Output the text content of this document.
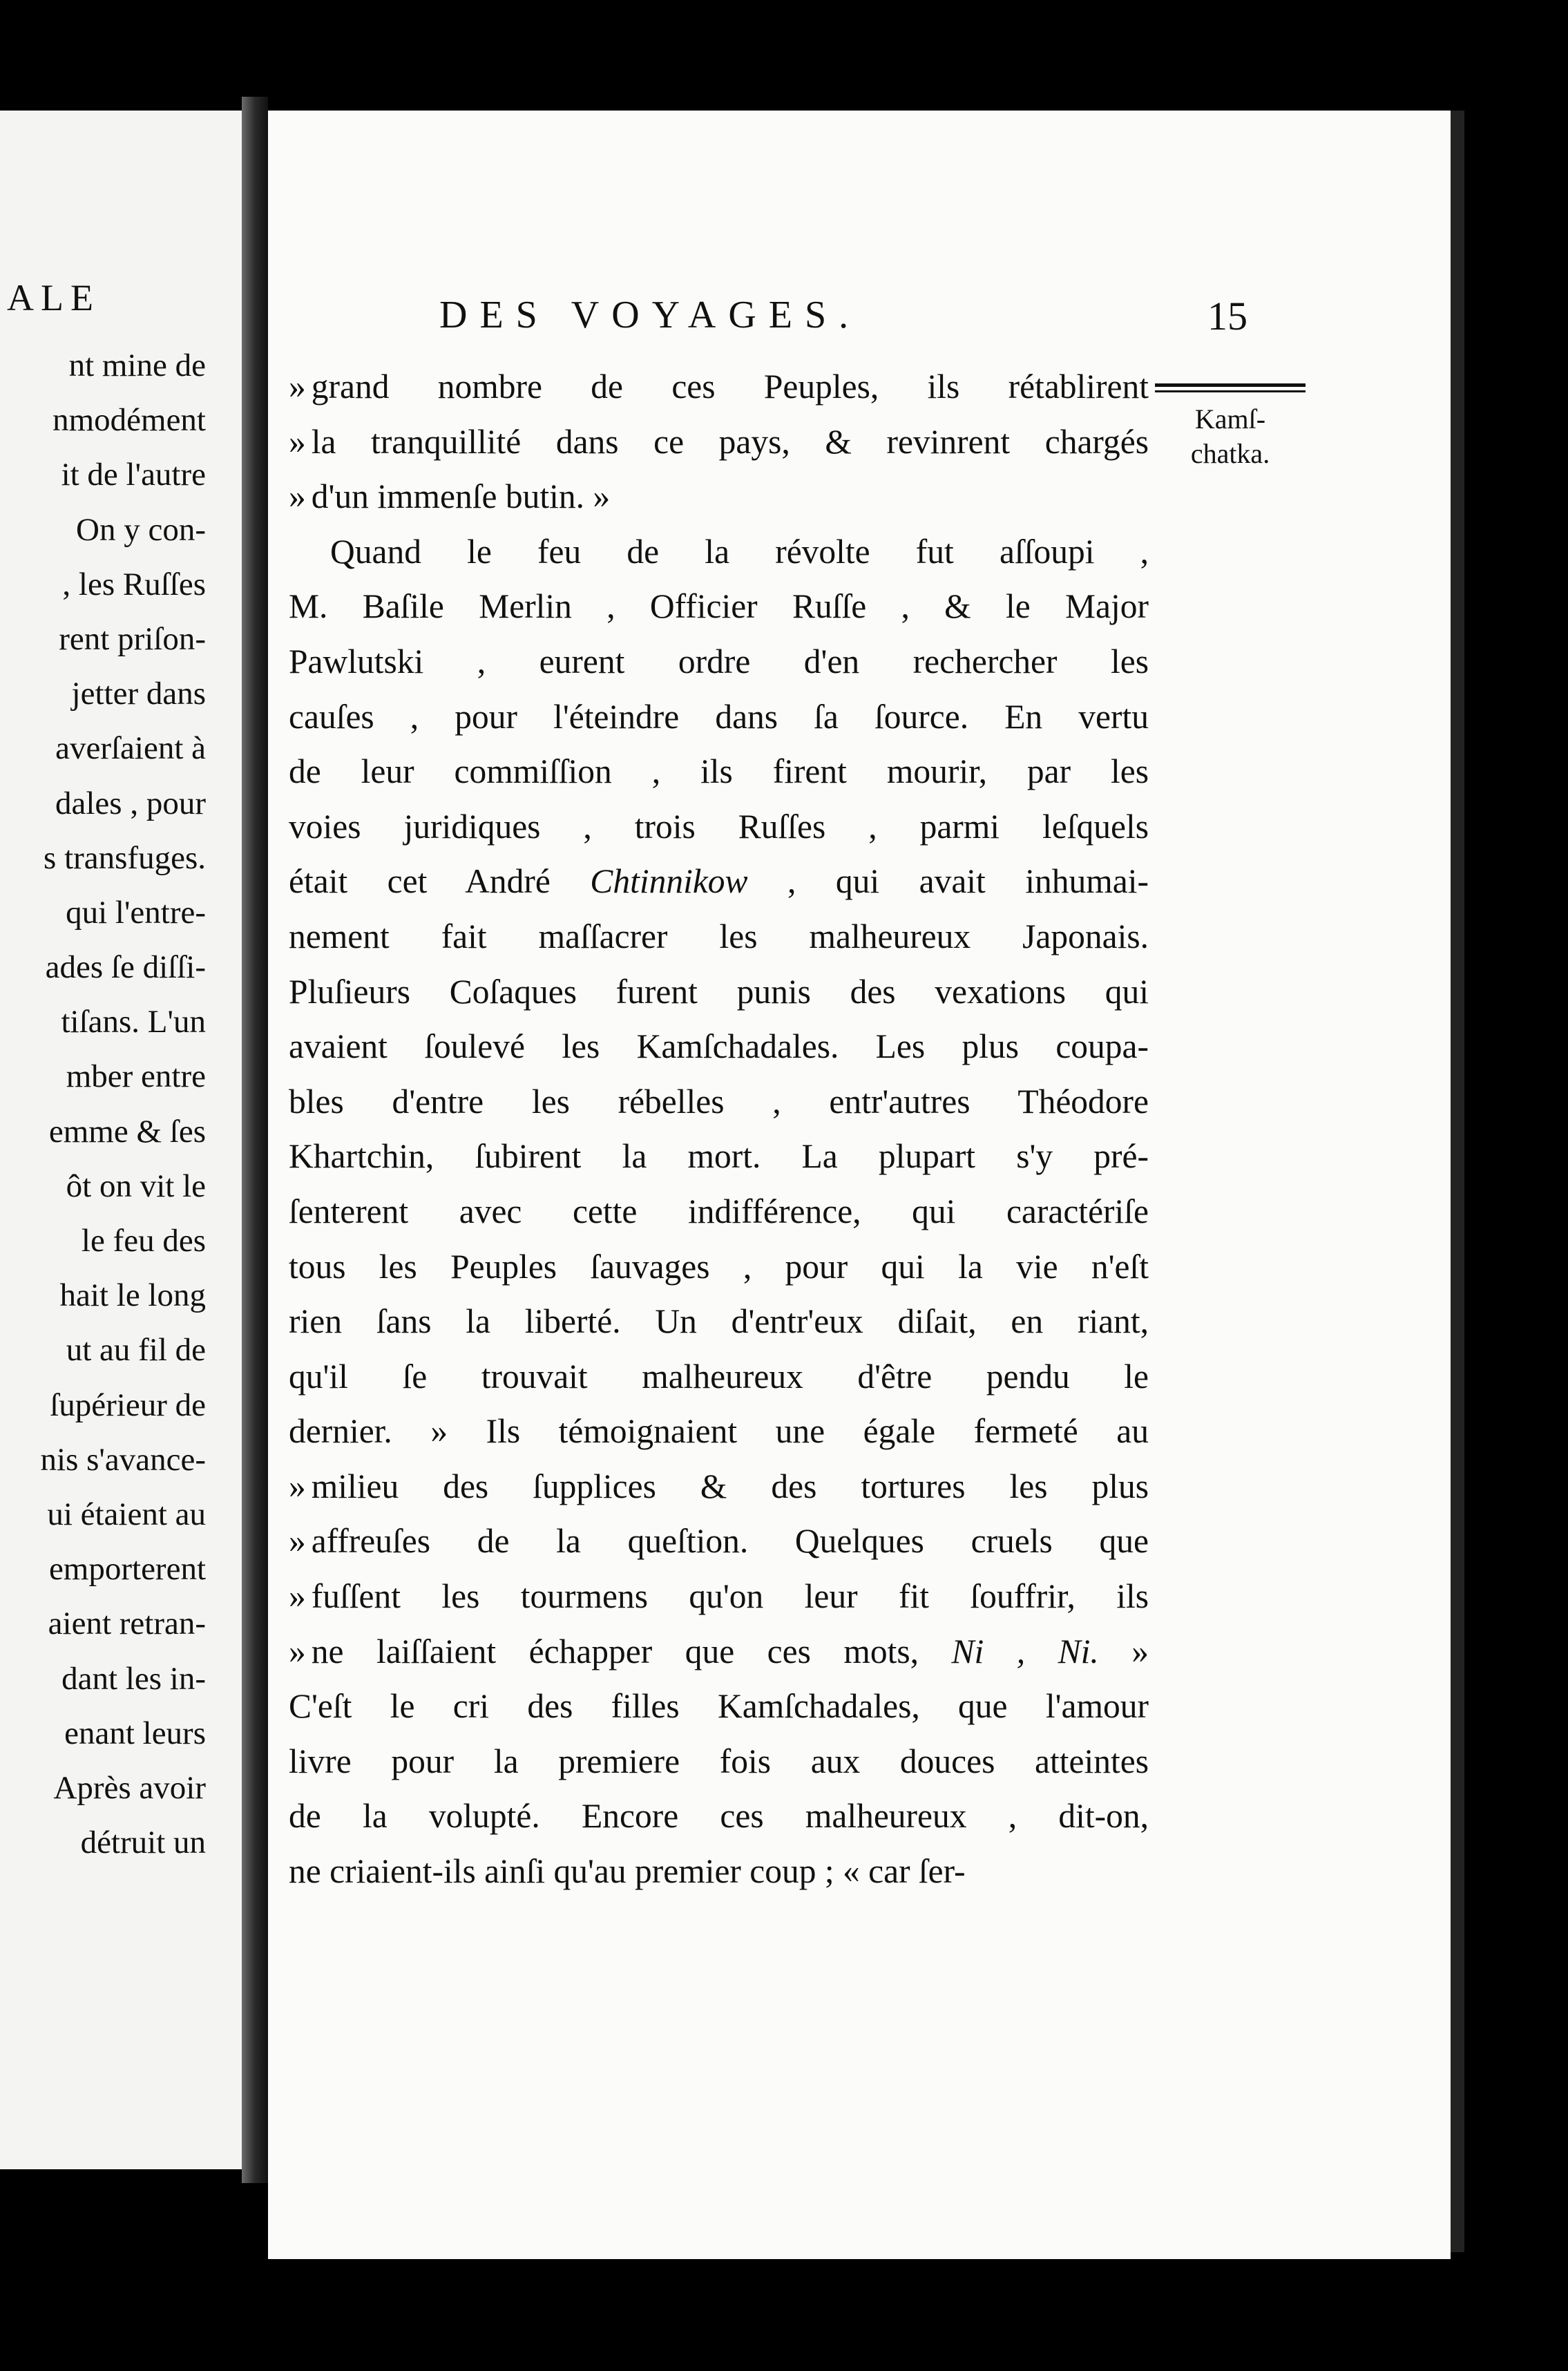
ALE
nt mine de
nmodément
it de l'autre
On y con-
, les Ruſſes
rent priſon-
jetter dans
averſaient à
dales , pour
s transfuges.
qui l'entre-
ades ſe diſſi-
tiſans. L'un
mber entre
emme & ſes
ôt on vit le
le feu des
hait le long
ut au fil de
ſupérieur de
nis s'avance-
ui étaient au
emporterent
aient retran-
dant les in-
enant leurs
Après avoir
détruit un
DES VOYAGES.	15
» grand nombre de ces Peuples, ils rétablirent
» la tranquillité dans ce pays, & revinrent chargés
» d'un immenſe butin. »
Quand le feu de la révolte fut aſſoupi ,
M. Baſile Merlin , Officier Ruſſe , & le Major
Pawlutski , eurent ordre d'en rechercher les
cauſes , pour l'éteindre dans ſa ſource. En vertu
de leur commiſſion , ils firent mourir, par les
voies juridiques , trois Ruſſes , parmi leſquels
était cet André Chtinnikow , qui avait inhumai-
nement fait maſſacrer les malheureux Japonais.
Pluſieurs Coſaques furent punis des vexations qui
avaient ſoulevé les Kamſchadales. Les plus coupa-
bles d'entre les rébelles , entr'autres Théodore
Khartchin, ſubirent la mort. La plupart s'y pré-
ſenterent avec cette indifférence, qui caractériſe
tous les Peuples ſauvages , pour qui la vie n'eſt
rien ſans la liberté. Un d'entr'eux diſait, en riant,
qu'il ſe trouvait malheureux d'être pendu le
dernier. » Ils témoignaient une égale fermeté au
» milieu des ſupplices & des tortures les plus
» affreuſes de la queſtion. Quelques cruels que
» fuſſent les tourmens qu'on leur fit ſouffrir, ils
» ne laiſſaient échapper que ces mots, Ni , Ni. »
C'eſt le cri des filles Kamſchadales, que l'amour
livre pour la premiere fois aux douces atteintes
de la volupté. Encore ces malheureux , dit-on,
ne criaient-ils ainſi qu'au premier coup ; « car ſer-
Kamſ-
chatka.
